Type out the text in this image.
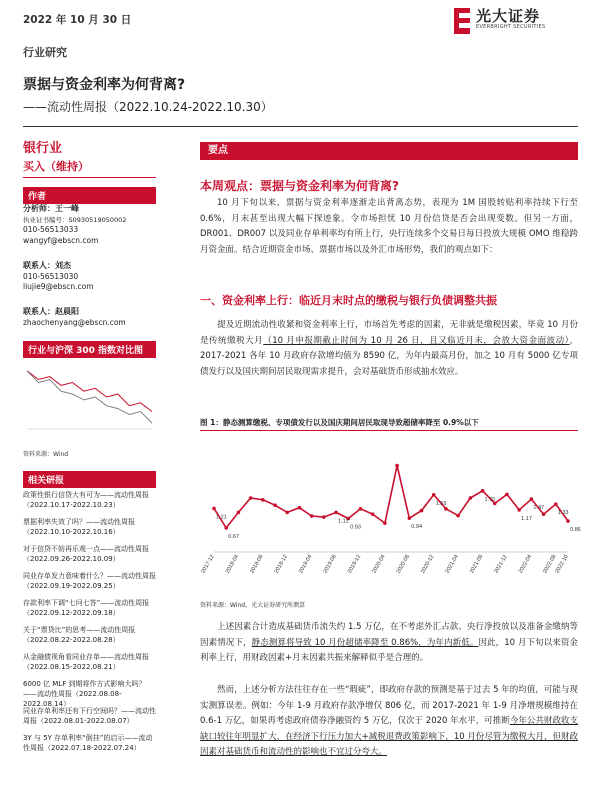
2022 年 10 月 30 日	光大证券
EVERBRIGHT SECURITIES
行业研究
票据与资金利率为何背离?
——流动性周报（2022.10.24-2022.10.30）
银行业
买入（维持）
作者
分析师：王一峰
执业证书编号：S0930519050002
010-56513033
wangyf@ebscn.com
联系人：刘杰
010-56513030
liujie9@ebscn.com
联系人：赵晨阳
zhaochenyang@ebscn.com
行业与沪深 300 指数对比图
资料来源：Wind
相关研报
政策性银行信贷大有可为——流动性周报（2022.10.17-2022.10.23）
票据利率失效了吗？——流动性周报（2022.10.10-2022.10.16）
对于信贷不妨再乐观一点——流动性周报（2022.09.26-2022.10.09）
同业存单发力意味着什么？——流动性周报（2022.09.19-2022.09.25）
存款利率下调“七问七答”——流动性周报（2022.09.12-2022.09.18）
关于“票贷比”的思考——流动性周报（2022.08.22-2022.08.28）
从金融债视角看同业存单——流动性周报（2022.08.15-2022.08.21）
6000 亿 MLF 到期将作方式影响大吗？——流动性周报（2022.08.08-2022.08.14）
同业存单利率还有下行空间吗？——流动性周报（2022.08.01-2022.08.07）
3Y 与 5Y 存单利率“倒挂”的启示——流动性周报（2022.07.18-2022.07.24）
要点
本周观点：票据与资金利率为何背离?
10 月下旬以来，票据与资金利率逐渐走出背离态势，表现为 1M 国股转贴利率持续下行至 0.6%，月末甚至出现大幅下探迹象。令市场担忧 10 月份信贷是否会出现变数。但另一方面，DR001、DR007 以及同业存单利率均有所上行，央行连续多个交易日每日投放大规模 OMO 维稳跨月资金面。结合近期资金市场、票据市场以及外汇市场形势，我们的观点如下：
一、资金利率上行：临近月末时点的缴税与银行负债调整共振
提及近期流动性收紧和资金利率上行，市场首先考虑的因素，无非就是缴税因素，毕竟 10 月份是传统缴税大月（10 月申报期截止时间为 10 月 26 日，且又临近月末，会放大资金面波动），2017-2021 各年 10 月政府存款增均值为 8590 亿，为年内最高月份，加之 10 月有 5000 亿专项债发行以及国庆期间居民取现需求提升，会对基础货币形成抽水效应。
图 1：静态测算缴税、专项债发行以及国庆期间居民取现导致超储率降至 0.9%以下
1.21
0.67
1.12
0.93	0.94
1.59
1.70
1.17
1.47
1.33
0.86
2017-12 2018-04 2018-08 2018-12 2019-04 2019-08 2019-12 2020-04 2020-08 2020-12 2021-04 2021-08 2021-12 2022-04 2022-08
2022-10
资料来源：Wind，光大证券研究所测算
上述因素合计造成基础货币流失约 1.5 万亿，在不考虑外汇占款、央行净投放以及准备金缴纳等因素情况下，静态测算将导致 10 月份超储率降至 0.86%，为年内新低。因此，10 月下旬以来资金利率上行，用财政因素+月末因素共振来解释似乎是合理的。
然而，上述分析方法往往存在一些“瑕疵”，即政府存款的预测是基于过去 5 年的均值，可能与现实测算误差。例如：今年 1-9 月政府存款净增仅 806 亿，而 2017-2021 年 1-9 月净增规模维持在 0.6-1 万亿，如果再考虑政府债券净融资约 5 万亿，仅次于 2020 年水平，可推断今年公共财政收支缺口较往年明显扩大，在经济下行压力加大+减税退费政策影响下，10 月份尽管为缴税大月，但财政因素对基础货币和流动性的影响也不宜过分夸大。
